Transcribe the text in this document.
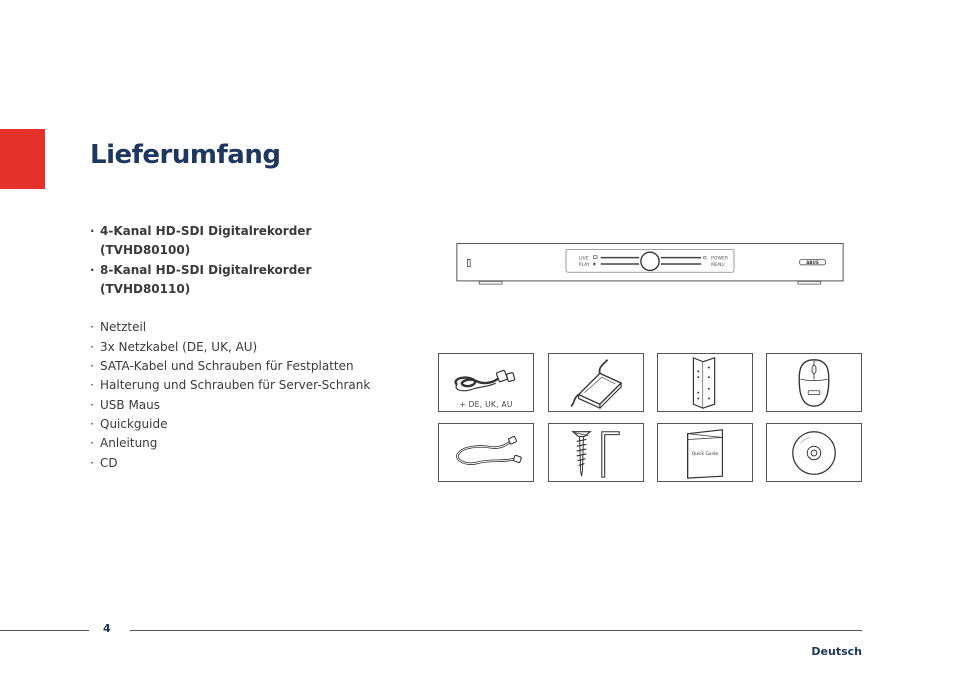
Lieferumfang
· 4-Kanal HD-SDI Digitalrekorder
(TVHD80100)
· 8-Kanal HD-SDI Digitalrekorder
(TVHD80110)
· Netzteil
· 3x Netzkabel (DE, UK, AU)
· SATA-Kabel und Schrauben für Festplatten
· Halterung und Schrauben für Server-Schrank
· USB Maus
· Quickguide
· Anleitung
· CD
LIVE
PLAY
POWER
MENU
ABUS
+ DE, UK, AU
Quick Guide
4
Deutsch
